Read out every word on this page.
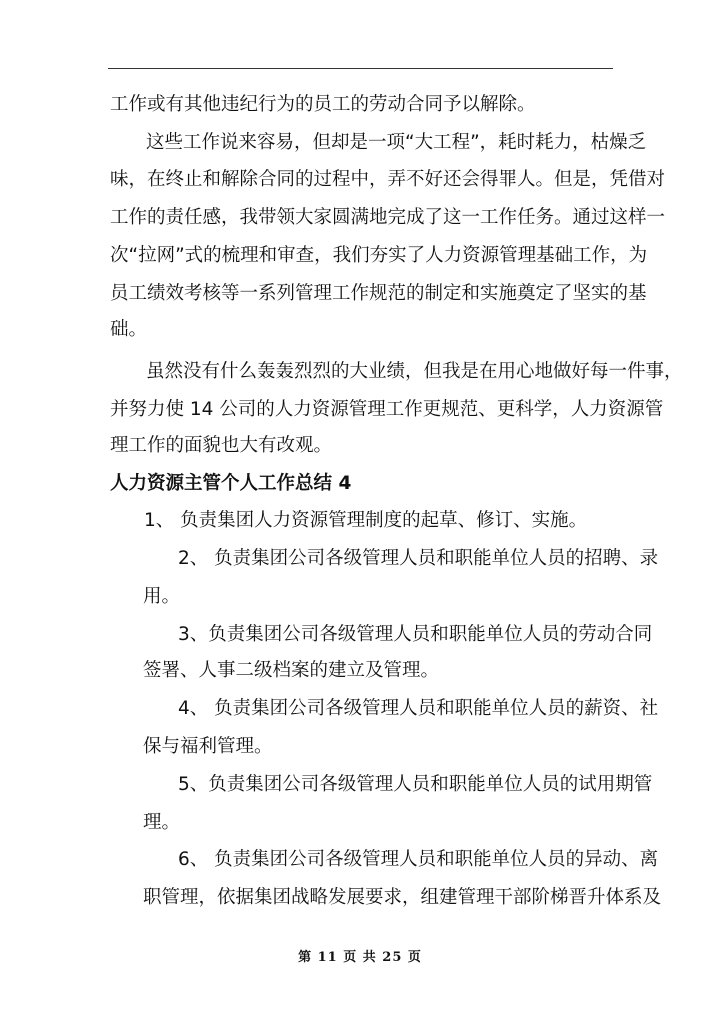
工作或有其他违纪行为的员工的劳动合同予以解除。
这些工作说来容易，但却是一项“大工程”，耗时耗力，枯燥乏
味，在终止和解除合同的过程中，弄不好还会得罪人。但是，凭借对
工作的责任感，我带领大家圆满地完成了这一工作任务。通过这样一
次“拉网”式的梳理和审查，我们夯实了人力资源管理基础工作，为
员工绩效考核等一系列管理工作规范的制定和实施奠定了坚实的基
础。
虽然没有什么轰轰烈烈的大业绩，但我是在用心地做好每一件事，
并努力使 14 公司的人力资源管理工作更规范、更科学，人力资源管
理工作的面貌也大有改观。
人力资源主管个人工作总结 4
1、 负责集团人力资源管理制度的起草、修订、实施。
2、 负责集团公司各级管理人员和职能单位人员的招聘、录
用。
3、负责集团公司各级管理人员和职能单位人员的劳动合同
签署、人事二级档案的建立及管理。
4、 负责集团公司各级管理人员和职能单位人员的薪资、社
保与福利管理。
5、负责集团公司各级管理人员和职能单位人员的试用期管
理。
6、 负责集团公司各级管理人员和职能单位人员的异动、离
职管理，依据集团战略发展要求，组建管理干部阶梯晋升体系及
第 11 页 共 25 页
